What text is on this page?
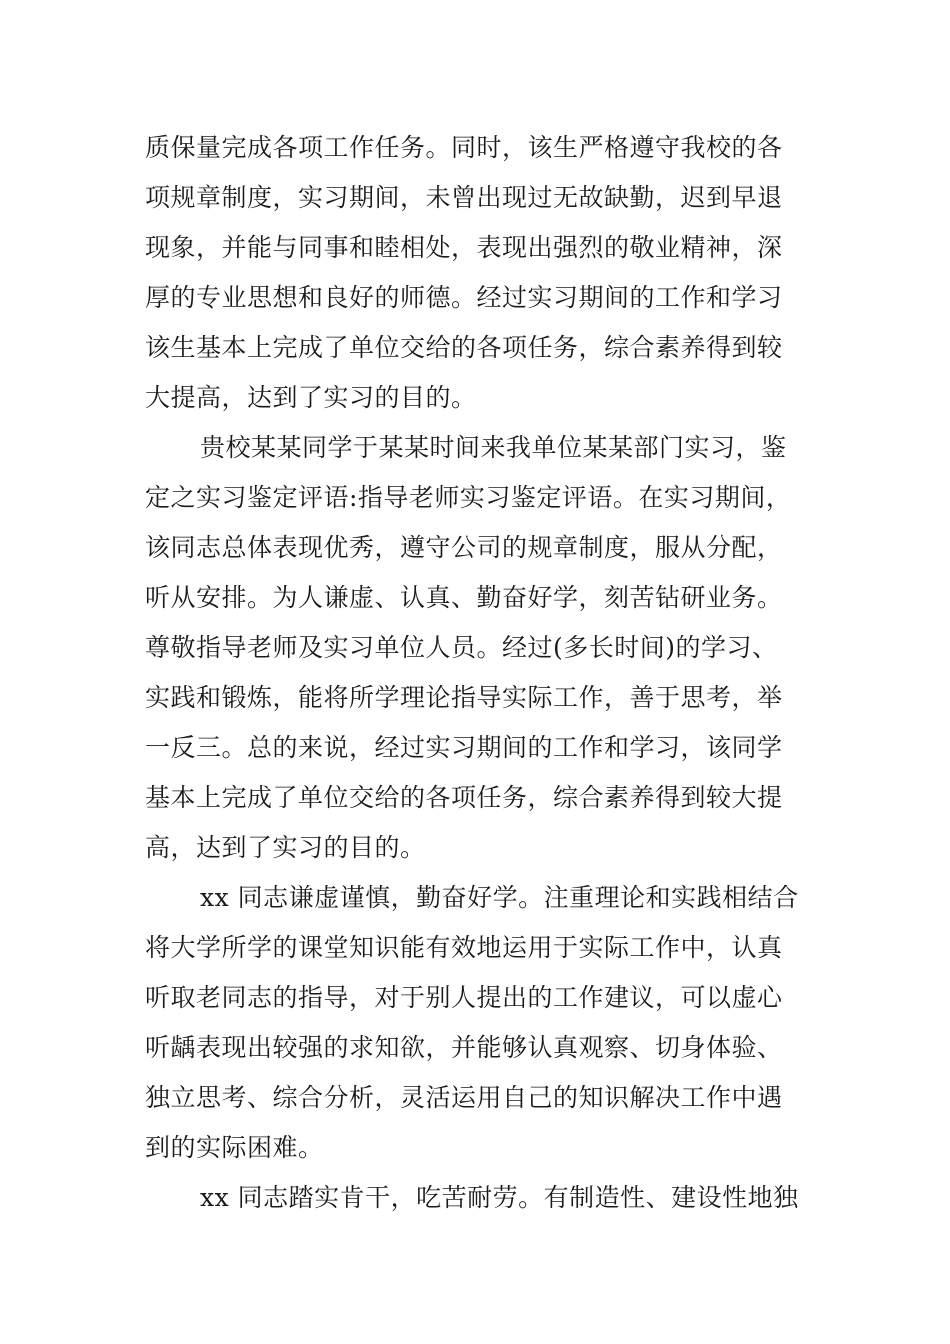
质保量完成各项工作任务。同时，该生严格遵守我校的各
项规章制度，实习期间，未曾出现过无故缺勤，迟到早退
现象，并能与同事和睦相处，表现出强烈的敬业精神，深
厚的专业思想和良好的师德。经过实习期间的工作和学习
该生基本上完成了单位交给的各项任务，综合素养得到较
大提高，达到了实习的目的。

贵校某某同学于某某时间来我单位某某部门实习，鉴
定之实习鉴定评语:指导老师实习鉴定评语。在实习期间，
该同志总体表现优秀，遵守公司的规章制度，服从分配，
听从安排。为人谦虚、认真、勤奋好学，刻苦钻研业务。
尊敬指导老师及实习单位人员。经过(多长时间)的学习、
实践和锻炼，能将所学理论指导实际工作，善于思考，举
一反三。总的来说，经过实习期间的工作和学习，该同学
基本上完成了单位交给的各项任务，综合素养得到较大提
高，达到了实习的目的。

xx 同志谦虚谨慎，勤奋好学。注重理论和实践相结合
将大学所学的课堂知识能有效地运用于实际工作中，认真
听取老同志的指导，对于别人提出的工作建议，可以虚心
听龋表现出较强的求知欲，并能够认真观察、切身体验、
独立思考、综合分析，灵活运用自己的知识解决工作中遇
到的实际困难。

xx 同志踏实肯干，吃苦耐劳。有制造性、建设性地独
